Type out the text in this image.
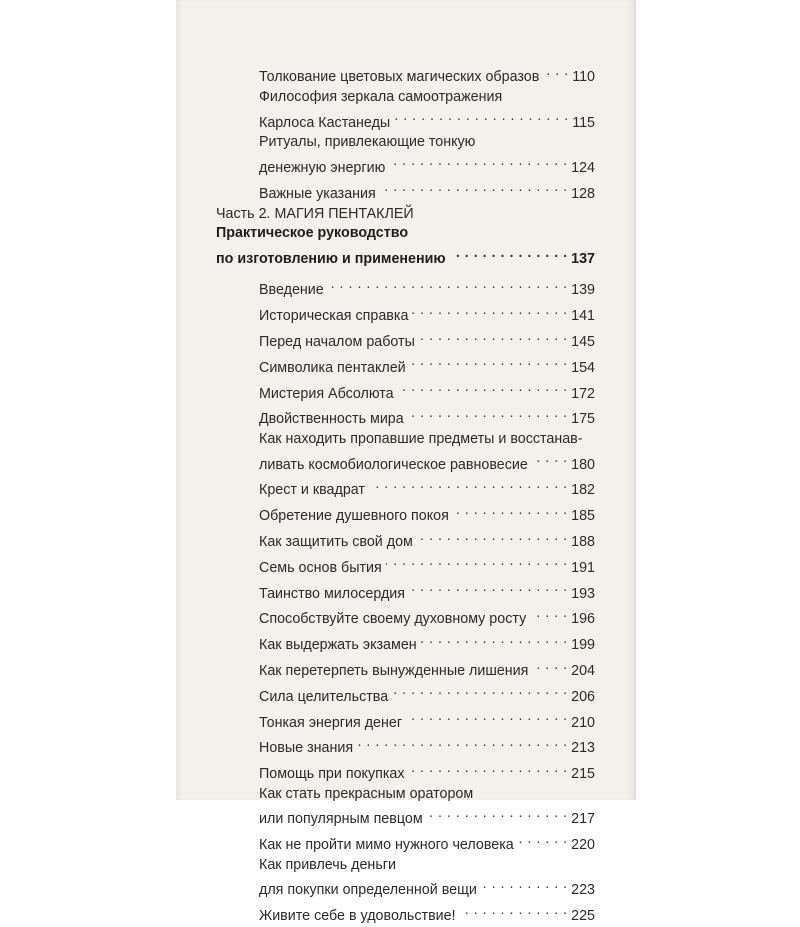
Толкование цветовых магических образов . . . 110
Философия зеркала самоотражения
Карлоса Кастанеды . . .	115
Ритуалы, привлекающие тонкую
денежную энергию . . .	124
Важные указания . . .	128
Часть 2. МАГИЯ ПЕНТАКЛЕЙ
Практическое руководство
по изготовлению и применению . . .	137
Введение . . .	139
Историческая справка . . .	141
Перед началом работы . . .	145
Символика пентаклей . . .	154
Мистерия Абсолюта . . .	172
Двойственность мира . . .	175
Как находить пропавшие предметы и восстанав-
ливать космобиологическое равновесие . . .	180
Крест и квадрат . . .	182
Обретение душевного покоя . . .	185
Как защитить свой дом . . .	188
Семь основ бытия . . .	191
Таинство милосердия . . .	193
Способствуйте своему духовному росту . . .	196
Как выдержать экзамен . . .	199
Как перетерпеть вынужденные лишения . . .	204
Сила целительства . . .	206
Тонкая энергия денег . . .	210
Новые знания . . .	213
Помощь при покупках . . .	215
Как стать прекрасным оратором
или популярным певцом . . .	217
Как не пройти мимо нужного человека . . .	220
Как привлечь деньги
для покупки определенной вещи . . .	223
Живите себе в удовольствие! . . .	225
